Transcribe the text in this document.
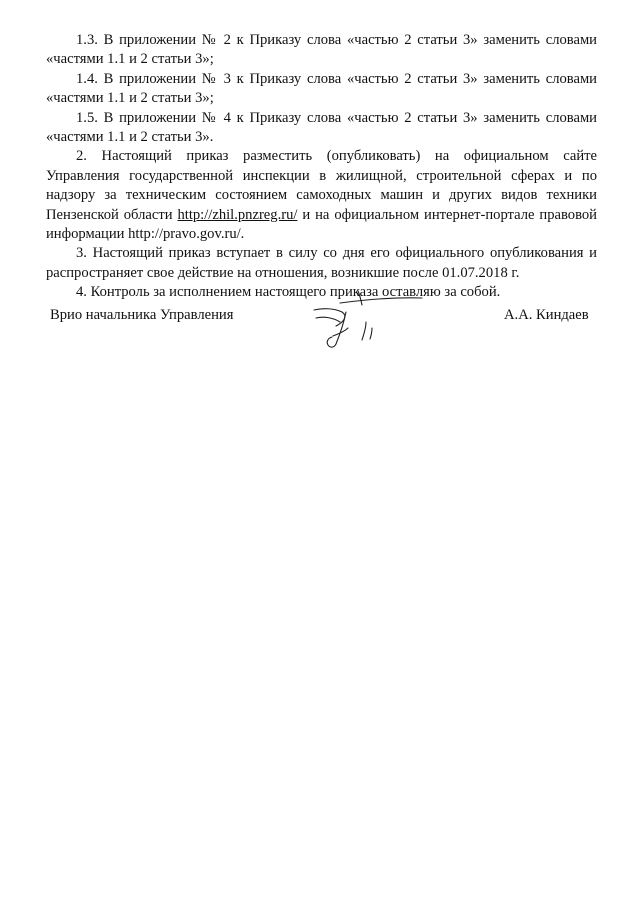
1.3. В приложении № 2 к Приказу слова «частью 2 статьи 3» заменить словами «частями 1.1 и 2 статьи 3»;

1.4. В приложении № 3 к Приказу слова «частью 2 статьи 3» заменить словами «частями 1.1 и 2 статьи 3»;

1.5. В приложении № 4 к Приказу слова «частью 2 статьи 3» заменить словами «частями 1.1 и 2 статьи 3».

2. Настоящий приказ разместить (опубликовать) на официальном сайте Управления государственной инспекции в жилищной, строительной сферах и по надзору за техническим состоянием самоходных машин и других видов техники Пензенской области http://zhil.pnzreg.ru/ и на официальном интернет-портале правовой информации http://pravo.gov.ru/.

3. Настоящий приказ вступает в силу со дня его официального опубликования и распространяет свое действие на отношения, возникшие после 01.07.2018 г.

4. Контроль за исполнением настоящего приказа оставляю за собой.

Врио начальника Управления	А.А. Киндаев
